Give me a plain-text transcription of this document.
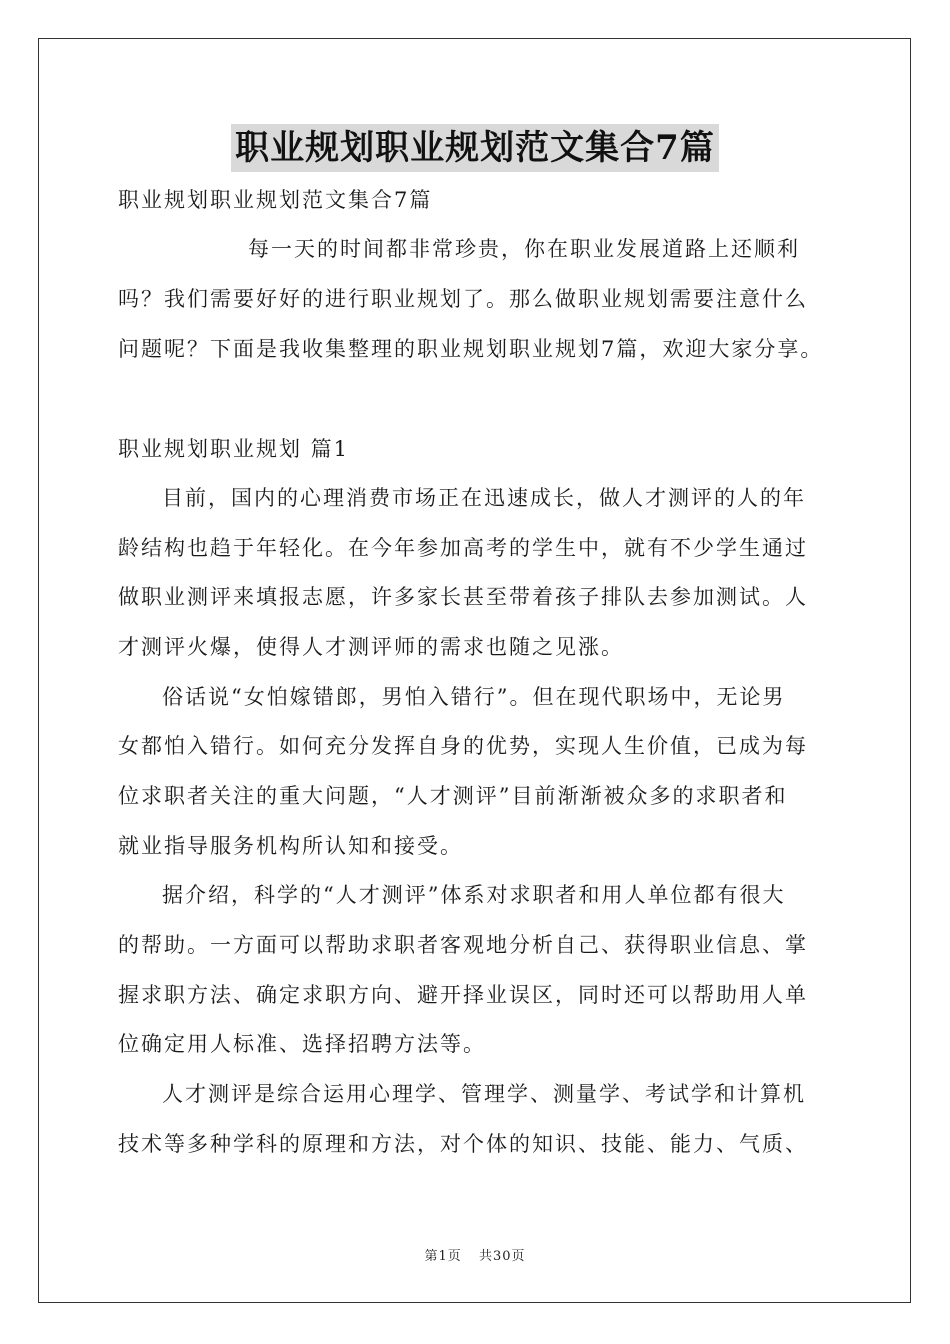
职业规划职业规划范文集合7篇
职业规划职业规划范文集合7篇
每一天的时间都非常珍贵，你在职业发展道路上还顺利
吗？我们需要好好的进行职业规划了。那么做职业规划需要注意什么
问题呢？下面是我收集整理的职业规划职业规划7篇，欢迎大家分享。
职业规划职业规划 篇1
目前，国内的心理消费市场正在迅速成长，做人才测评的人的年
龄结构也趋于年轻化。在今年参加高考的学生中，就有不少学生通过
做职业测评来填报志愿，许多家长甚至带着孩子排队去参加测试。人
才测评火爆，使得人才测评师的需求也随之见涨。
俗话说“女怕嫁错郎，男怕入错行”。但在现代职场中，无论男
女都怕入错行。如何充分发挥自身的优势，实现人生价值，已成为每
位求职者关注的重大问题，“人才测评”目前渐渐被众多的求职者和
就业指导服务机构所认知和接受。
据介绍，科学的“人才测评”体系对求职者和用人单位都有很大
的帮助。一方面可以帮助求职者客观地分析自己、获得职业信息、掌
握求职方法、确定求职方向、避开择业误区，同时还可以帮助用人单
位确定用人标准、选择招聘方法等。
人才测评是综合运用心理学、管理学、测量学、考试学和计算机
技术等多种学科的原理和方法，对个体的知识、技能、能力、气质、
第1页 共30页
